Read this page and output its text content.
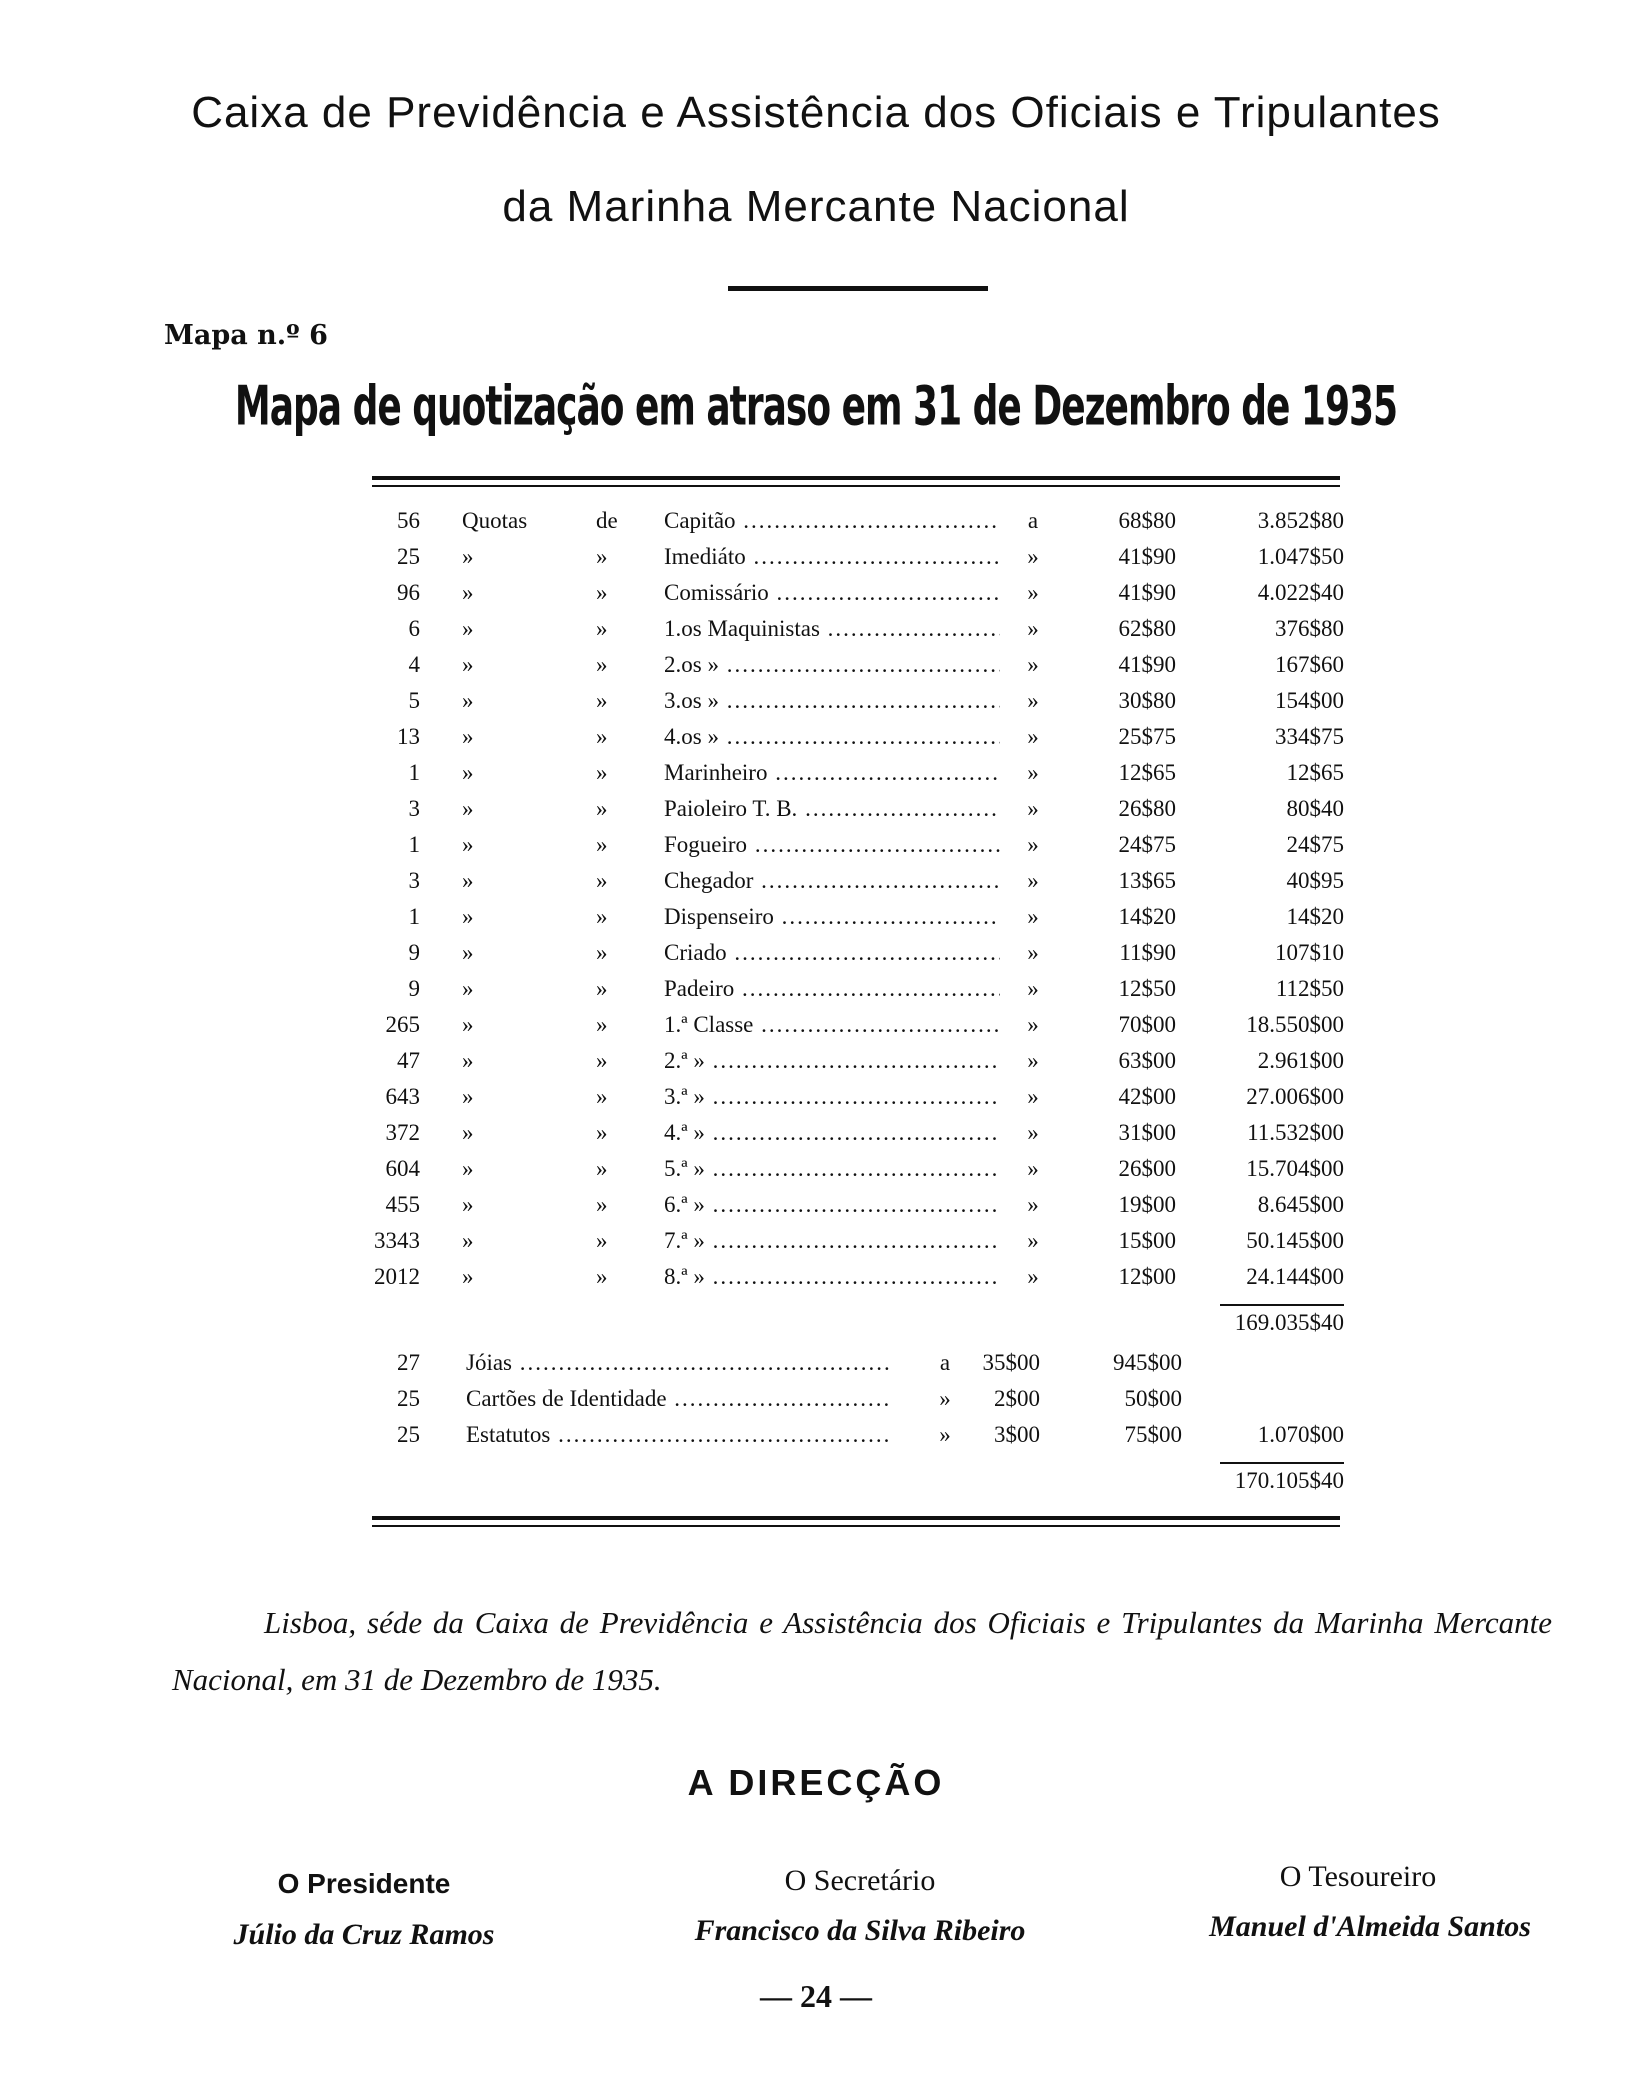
Caixa de Previdência e Assistência dos Oficiais e Tripulantes
da Marinha Mercante Nacional
Mapa n.º 6
Mapa de quotização em atraso em 31 de Dezembro de 1935
56 Quotas	de Capitão .....	a	68$80	3.852$80
25 »	» Imediáto .....	»	41$90	1.047$50
96 »	» Comissário .....	»	41$90	4.022$40
6 »	» 1.os Maquinistas .....	»	62$80	376$80
4 »	» 2.os » .....	»	41$90	167$60
5 »	» 3.os » .....	»	30$80	154$00
13 »	» 4.os » .....	»	25$75	334$75
1 »	» Marinheiro .....	»	12$65	12$65
3 »	» Paioleiro T. B. .....	»	26$80	80$40
1 »	» Fogueiro .....	»	24$75	24$75
3 »	» Chegador .....	»	13$65	40$95
1 »	» Dispenseiro .....	»	14$20	14$20
9 »	» Criado .....	»	11$90	107$10
9 »	» Padeiro .....	»	12$50	112$50
265 »	» 1.ª Classe .....	»	70$00	18.550$00
47 »	» 2.ª » .....	»	63$00	2.961$00
643 »	» 3.ª » .....	»	42$00	27.006$00
372 »	» 4.ª » .....	»	31$00	11.532$00
604 »	» 5.ª » .....	»	26$00	15.704$00
455 »	» 6.ª » .....	»	19$00	8.645$00
3343 »	» 7.ª » .....	»	15$00	50.145$00
2012 »	» 8.ª » .....	»	12$00	24.144$00
169.035$40
27 Jóias .....	a	35$00	945$00
25 Cartões de Identidade .....	»	2$00	50$00
25 Estatutos .....	»	3$00	75$00	1.070$00
170.105$40
Lisboa, séde da Caixa de Previdência e Assistência dos Oficiais e Tripulantes da Marinha Mercante Nacional, em 31 de Dezembro de 1935.
A DIRECÇÃO
O Presidente
Júlio da Cruz Ramos
O Secretário
Francisco da Silva Ribeiro
O Tesoureiro
Manuel d'Almeida Santos
— 24 —
